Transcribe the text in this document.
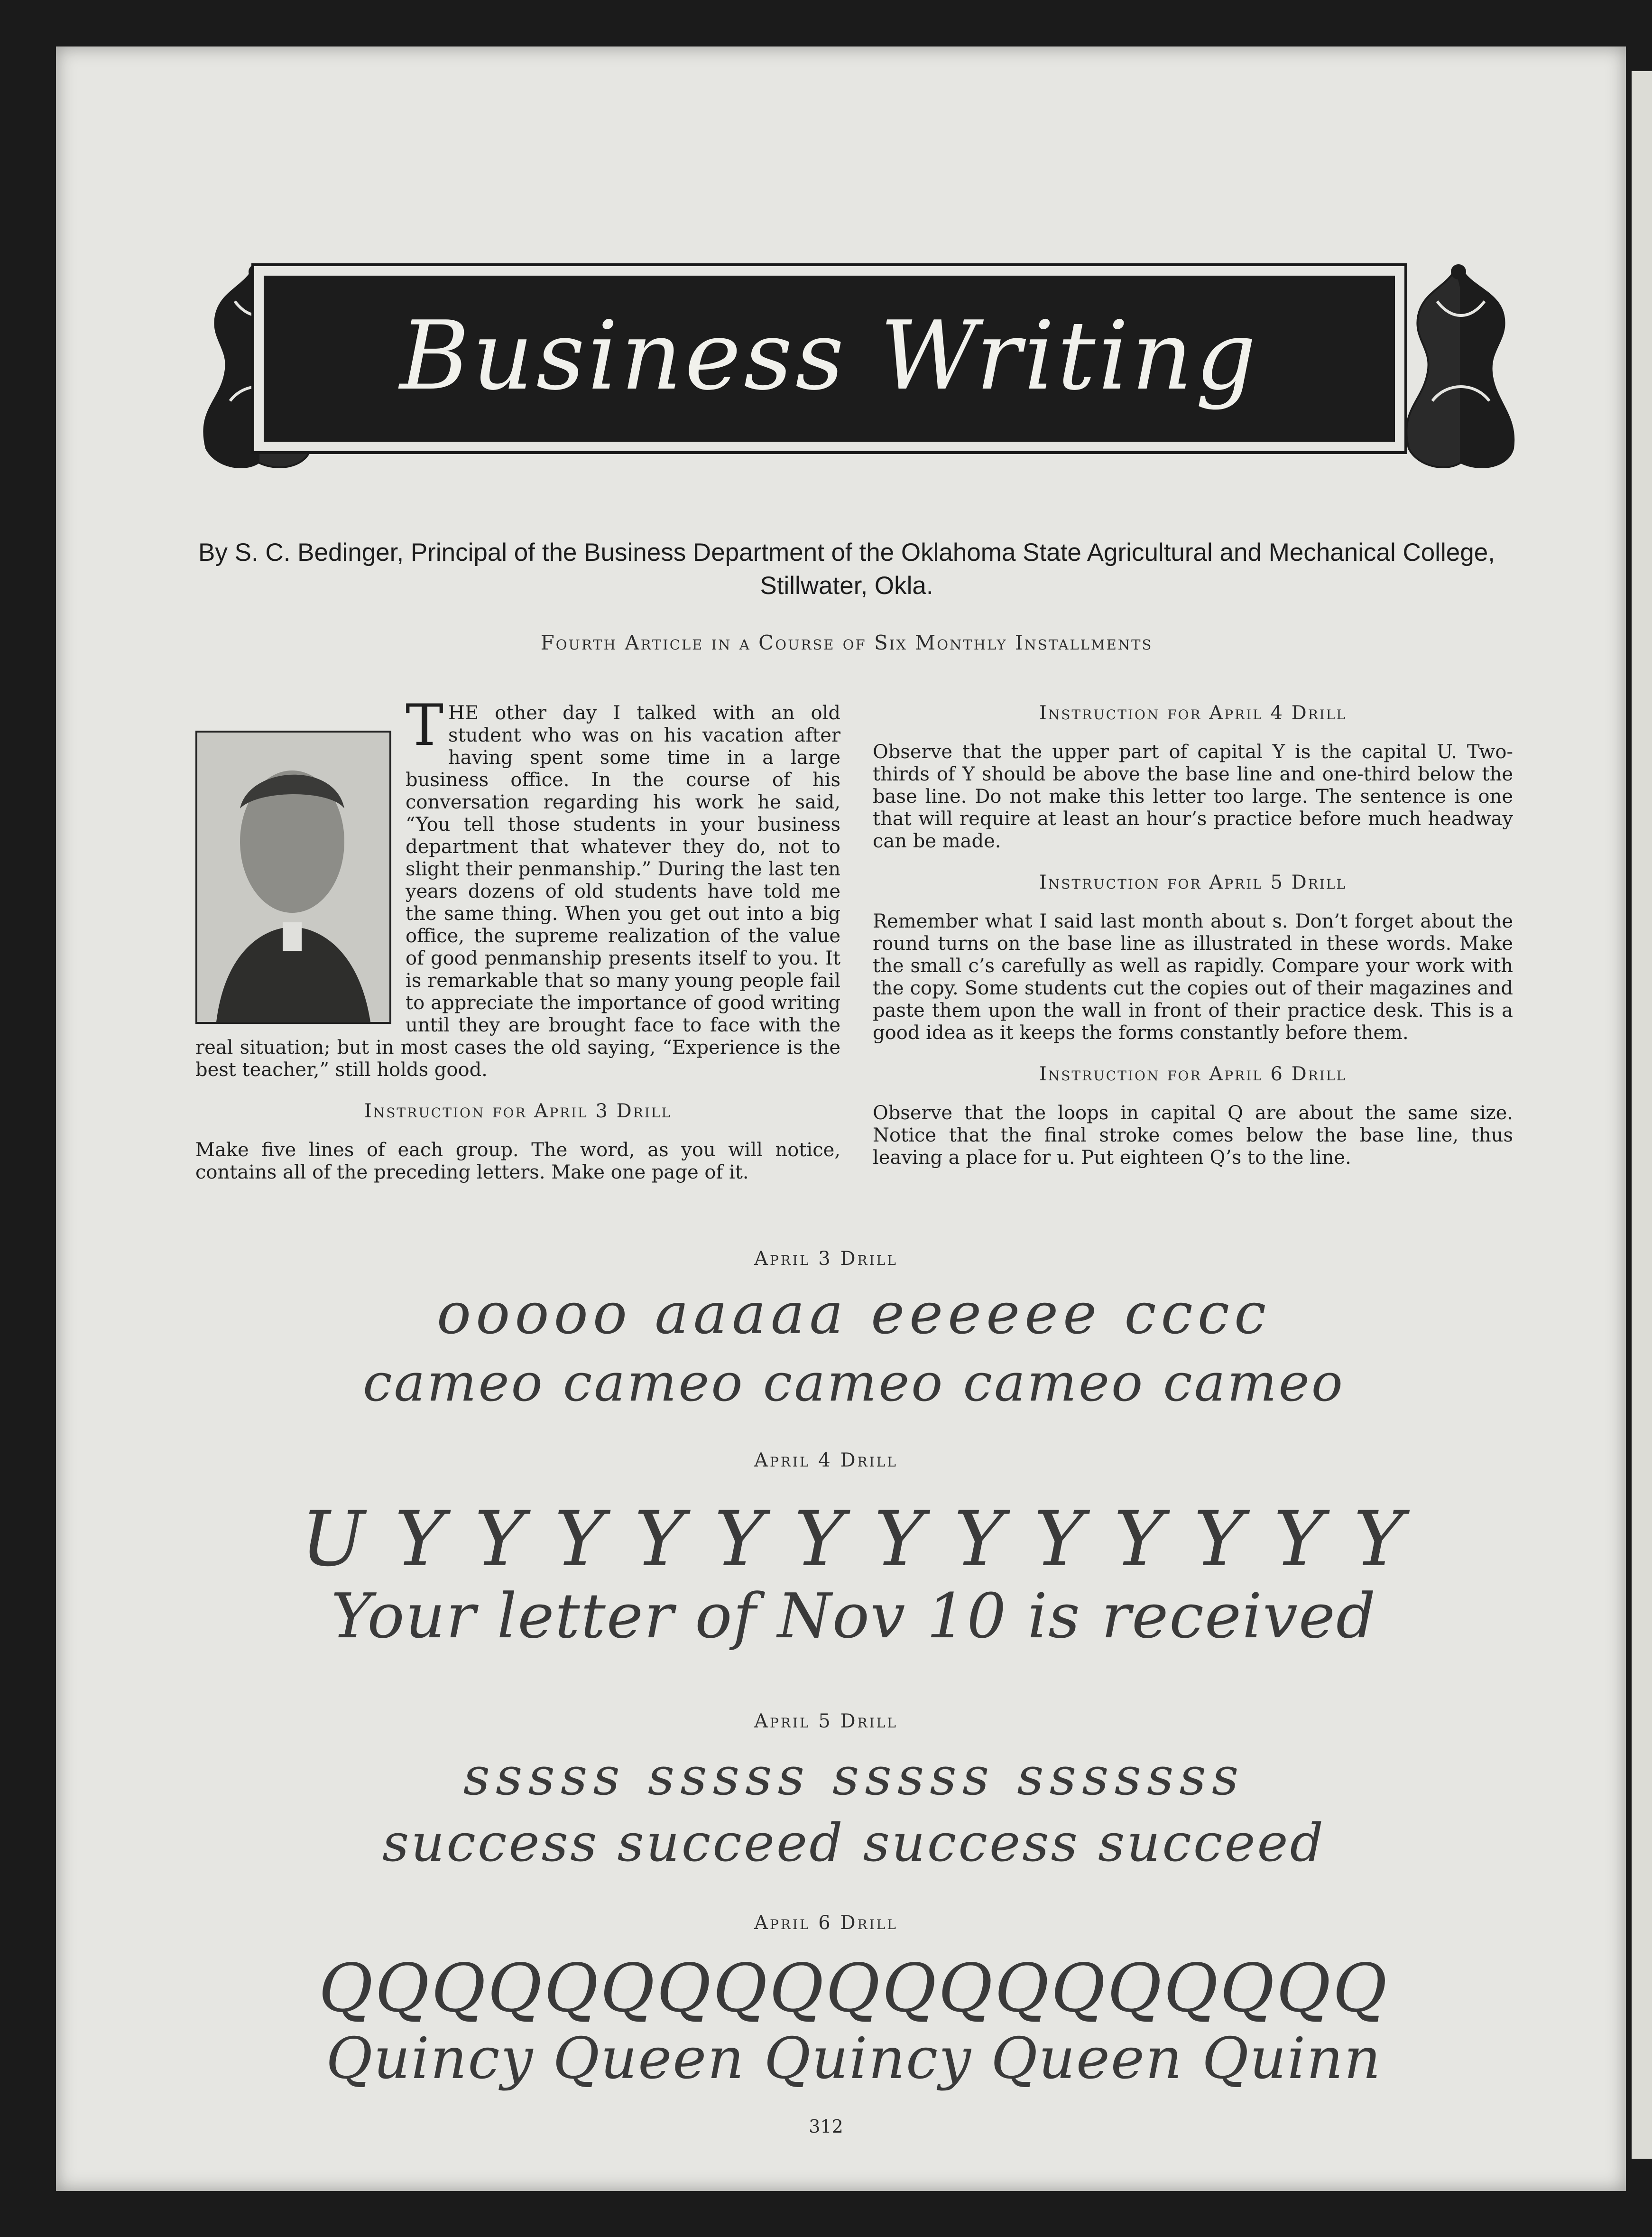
Business Writing
By S. C. Bedinger, Principal of the Business Department of the Oklahoma State Agricultural and Mechanical College, Stillwater, Okla.
Fourth Article in a Course of Six Monthly Installments

THE other day I talked with an old student who was on his vacation after having spent some time in a large business office. In the course of his conversation regarding his work he said, “You tell those students in your business department that whatever they do, not to slight their penmanship.” During the last ten years dozens of old students have told me the same thing. When you get out into a big office, the supreme realization of the value of good penmanship presents itself to you. It is remarkable that so many young people fail to appreciate the importance of good writing until they are brought face to face with the real situation; but in most cases the old saying, “Experience is the best teacher,” still holds good.

Instruction for April 3 Drill

Make five lines of each group. The word, as you will notice, contains all of the preceding letters. Make one page of it.

Instruction for April 4 Drill

Observe that the upper part of capital Y is the capital U. Two-thirds of Y should be above the base line and one-third below the base line. Do not make this letter too large. The sentence is one that will require at least an hour’s practice before much headway can be made.

Instruction for April 5 Drill

Remember what I said last month about s. Don’t forget about the round turns on the base line as illustrated in these words. Make the small c’s carefully as well as rapidly. Compare your work with the copy. Some students cut the copies out of their magazines and paste them upon the wall in front of their practice desk. This is a good idea as it keeps the forms constantly before them.

Instruction for April 6 Drill

Observe that the loops in capital Q are about the same size. Notice that the final stroke comes below the base line, thus leaving a place for u. Put eighteen Q’s to the line.

April 3 Drill
ooooo aaaaa eeeeee cccc
cameo cameo cameo cameo cameo
April 4 Drill
U Y Y Y Y Y Y Y Y Y Y Y Y Y
Your letter of Nov 10 is received
April 5 Drill
sssss sssss sssss sssssss
success succeed success succeed
April 6 Drill
QQQQQQQQQQQQQQQQQQQ
Quincy Queen Quincy Queen Quinn
312
